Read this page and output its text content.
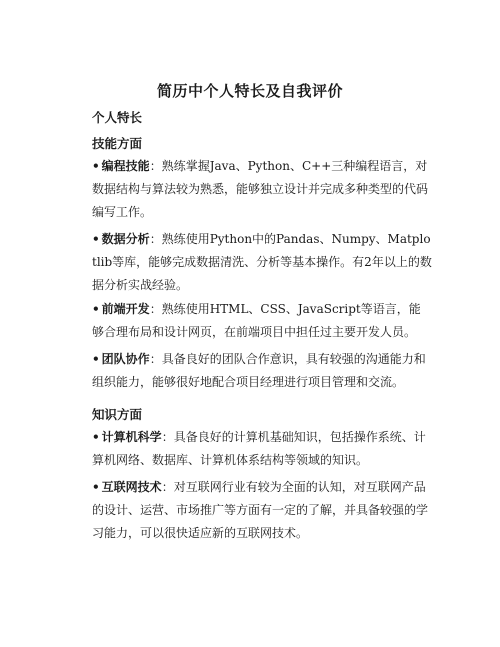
简历中个人特长及自我评价
个人特长
技能方面
• 编程技能：熟练掌握Java、Python、C++三种编程语言，对数据结构与算法较为熟悉，能够独立设计并完成多种类型的代码编写工作。
• 数据分析：熟练使用Python中的Pandas、Numpy、Matplotlib等库，能够完成数据清洗、分析等基本操作。有2年以上的数据分析实战经验。
• 前端开发：熟练使用HTML、CSS、JavaScript等语言，能够合理布局和设计网页，在前端项目中担任过主要开发人员。
• 团队协作：具备良好的团队合作意识，具有较强的沟通能力和组织能力，能够很好地配合项目经理进行项目管理和交流。
知识方面
• 计算机科学：具备良好的计算机基础知识，包括操作系统、计算机网络、数据库、计算机体系结构等领域的知识。
• 互联网技术：对互联网行业有较为全面的认知，对互联网产品的设计、运营、市场推广等方面有一定的了解，并具备较强的学习能力，可以很快适应新的互联网技术。
